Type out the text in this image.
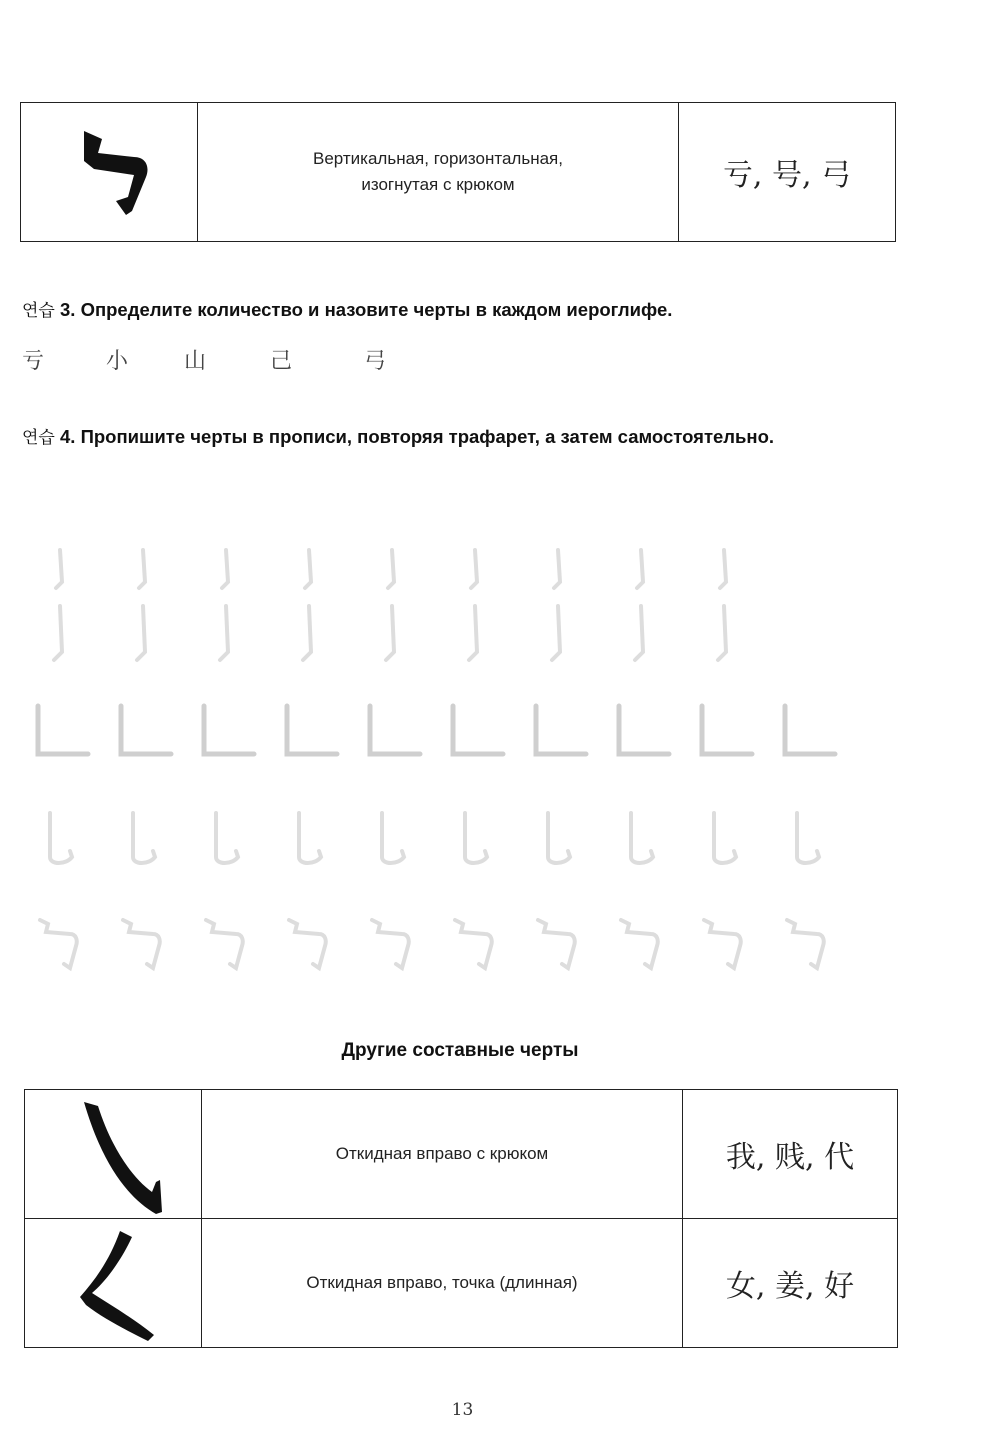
Вертикальная, горизонтальная,
изогнутая с крюком	亏, 号, 弓
연습 3. Определите количество и назовите черты в каждом иероглифе.
亏	小	山	己	弓
연습 4. Пропишите черты в прописи, повторяя трафарет, а затем самостоятельно.
Другие составные черты
	Откидная вправо с крюком	我, 贱, 代

	Откидная вправо, точка (длинная)	女, 姜, 好
13
